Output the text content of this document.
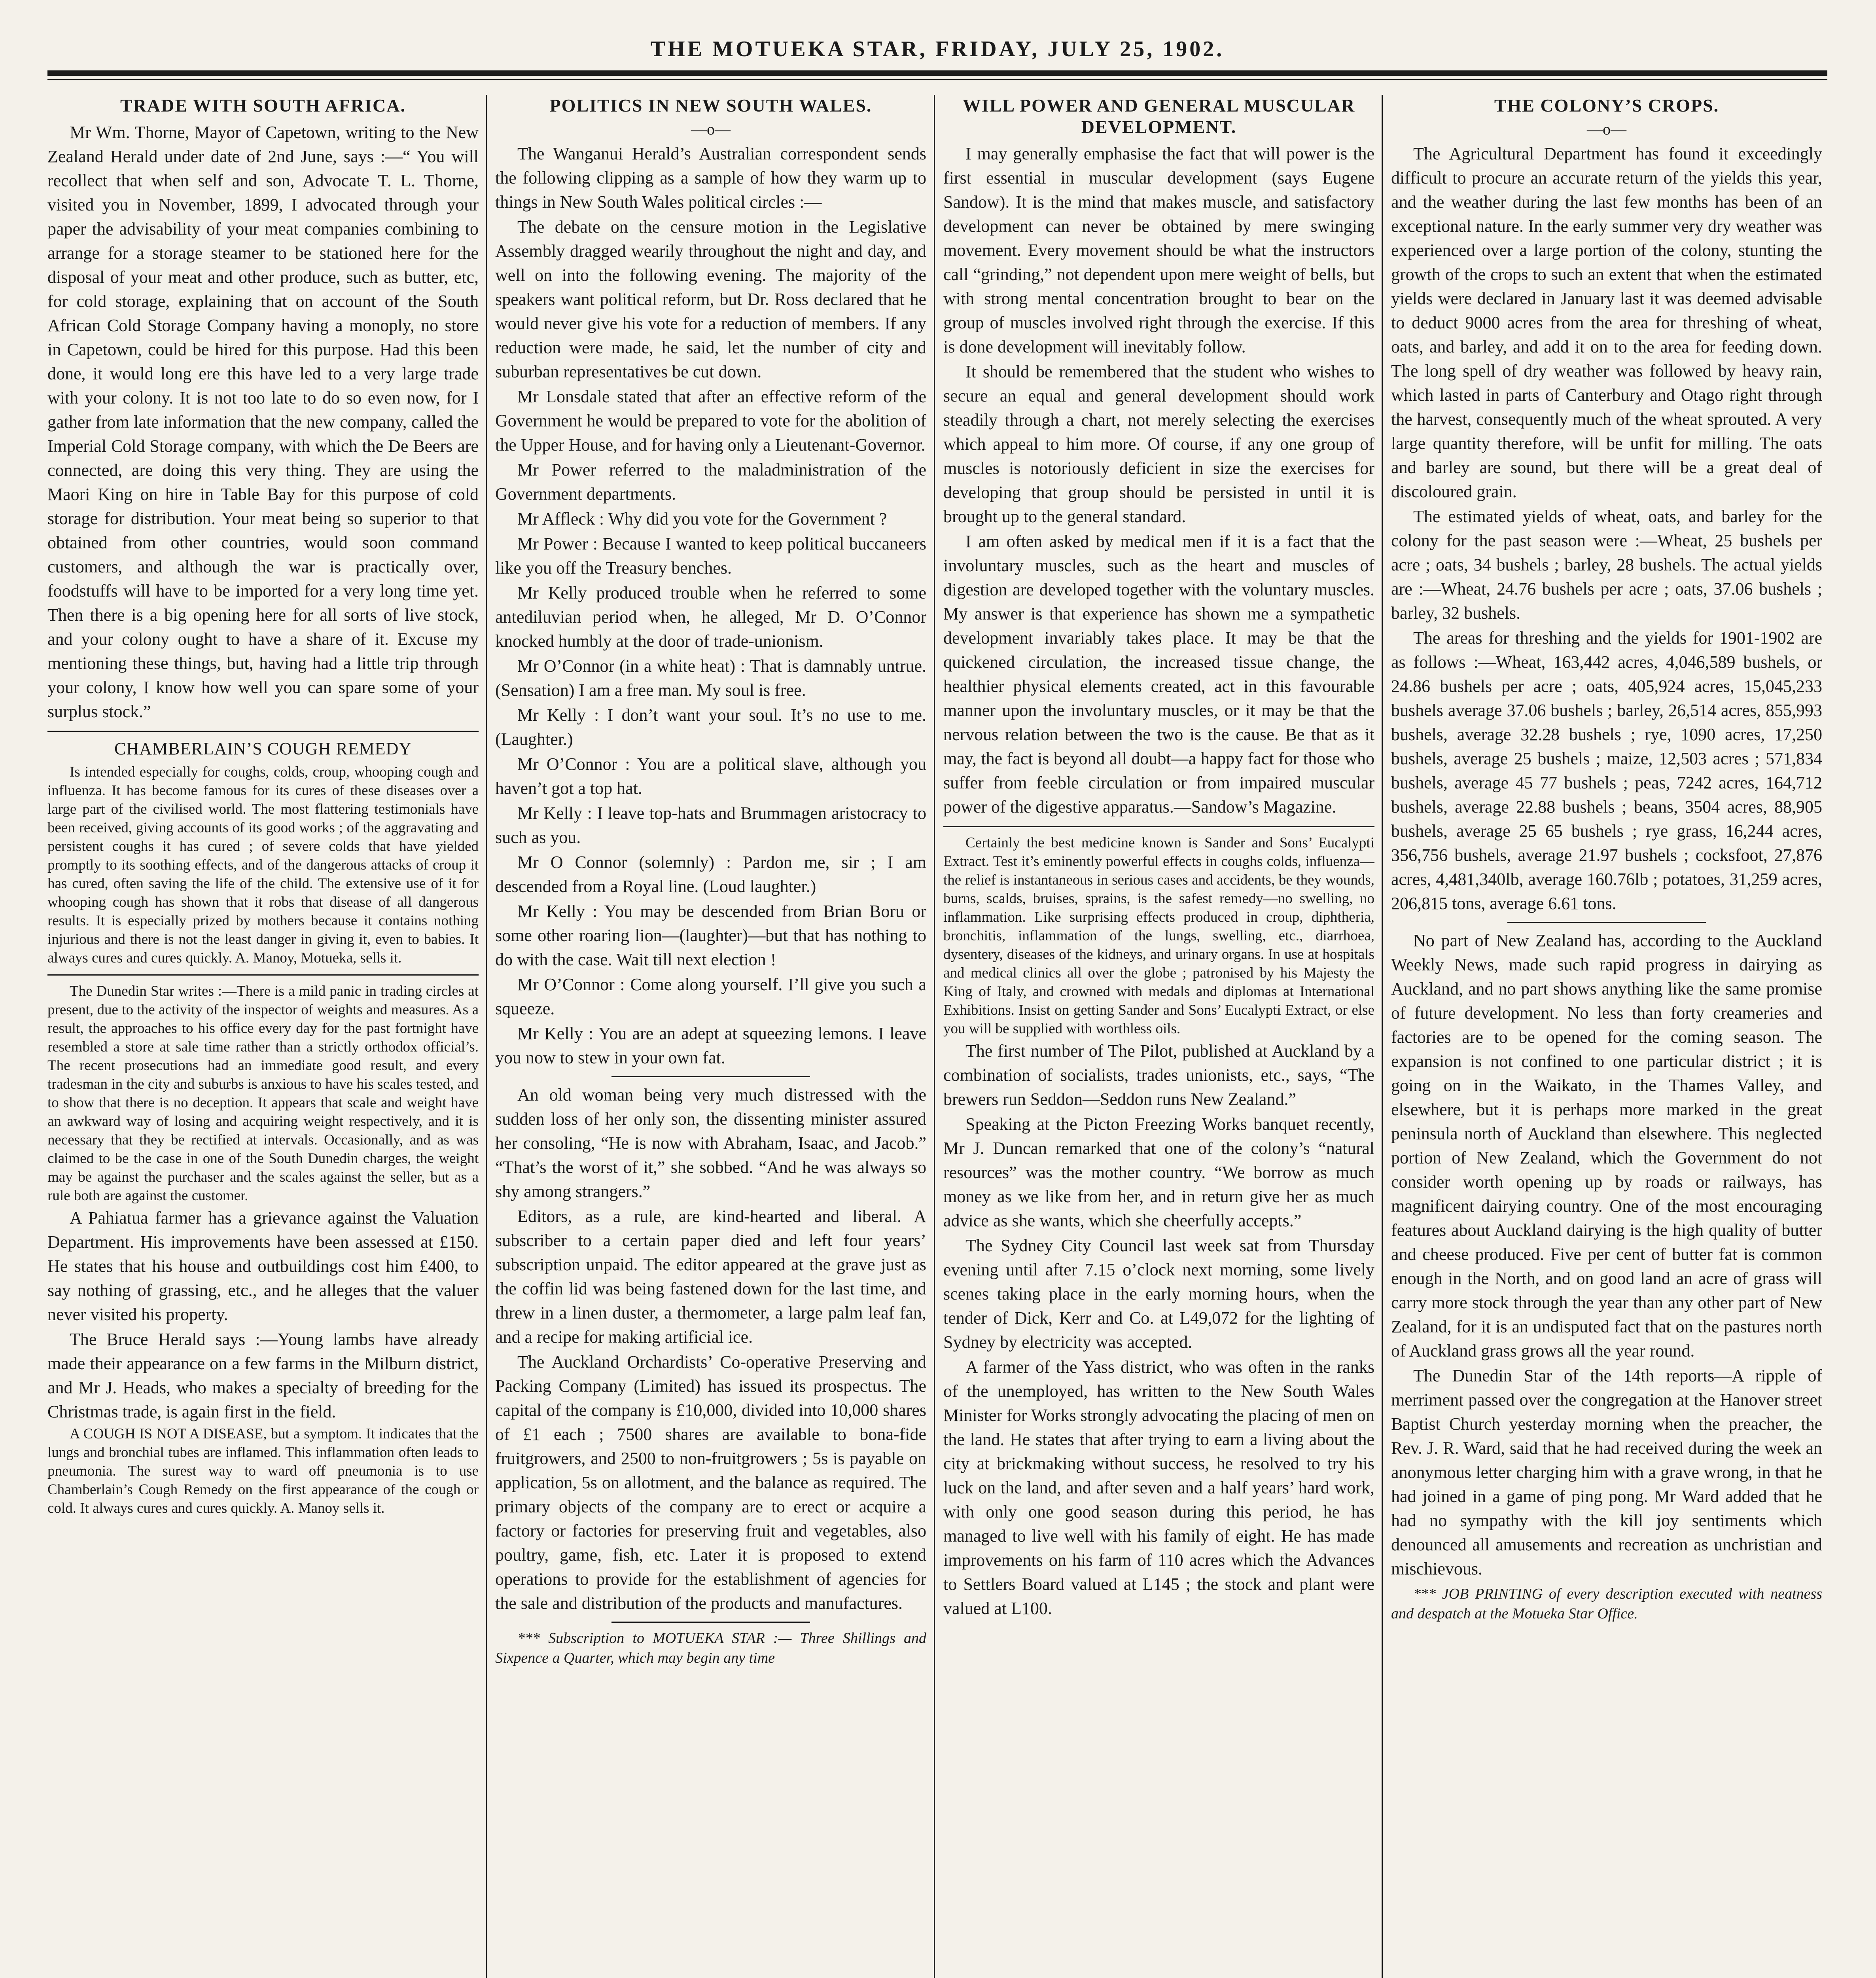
THE MOTUEKA STAR, FRIDAY, JULY 25, 1902.
TRADE WITH SOUTH AFRICA.

Mr Wm. Thorne, Mayor of Capetown, writing to the New Zealand Herald under date of 2nd June, says :—“ You will recollect that when self and son, Advocate T. L. Thorne, visited you in November, 1899, I advocated through your paper the advisability of your meat companies combining to arrange for a storage steamer to be stationed here for the disposal of your meat and other produce, such as butter, etc, for cold storage, explaining that on account of the South African Cold Storage Company having a monoply, no store in Capetown, could be hired for this purpose. Had this been done, it would long ere this have led to a very large trade with your colony. It is not too late to do so even now, for I gather from late information that the new company, called the Imperial Cold Storage company, with which the De Beers are connected, are doing this very thing. They are using the Maori King on hire in Table Bay for this purpose of cold storage for distribution. Your meat being so superior to that obtained from other countries, would soon command customers, and although the war is practically over, foodstuffs will have to be imported for a very long time yet. Then there is a big opening here for all sorts of live stock, and your colony ought to have a share of it. Excuse my mentioning these things, but, having had a little trip through your colony, I know how well you can spare some of your surplus stock.”

CHAMBERLAIN’S COUGH REMEDY

Is intended especially for coughs, colds, croup, whooping cough and influenza. It has become famous for its cures of these diseases over a large part of the civilised world. The most flattering testimonials have been received, giving accounts of its good works ; of the aggravating and persistent coughs it has cured ; of severe colds that have yielded promptly to its soothing effects, and of the dangerous attacks of croup it has cured, often saving the life of the child. The extensive use of it for whooping cough has shown that it robs that disease of all dangerous results. It is especially prized by mothers because it contains nothing injurious and there is not the least danger in giving it, even to babies. It always cures and cures quickly. A. Manoy, Motueka, sells it.

The Dunedin Star writes :—There is a mild panic in trading circles at present, due to the activity of the inspector of weights and measures. As a result, the approaches to his office every day for the past fortnight have resembled a store at sale time rather than a strictly orthodox official’s. The recent prosecutions had an immediate good result, and every tradesman in the city and suburbs is anxious to have his scales tested, and to show that there is no deception. It appears that scale and weight have an awkward way of losing and acquiring weight respectively, and it is necessary that they be rectified at intervals. Occasionally, and as was claimed to be the case in one of the South Dunedin charges, the weight may be against the purchaser and the scales against the seller, but as a rule both are against the customer.

A Pahiatua farmer has a grievance against the Valuation Department. His improvements have been assessed at £150. He states that his house and outbuildings cost him £400, to say nothing of grassing, etc., and he alleges that the valuer never visited his property.

The Bruce Herald says :—Young lambs have already made their appearance on a few farms in the Milburn district, and Mr J. Heads, who makes a specialty of breeding for the Christmas trade, is again first in the field.

A COUGH IS NOT A DISEASE, but a symptom. It indicates that the lungs and bronchial tubes are inflamed. This inflammation often leads to pneumonia. The surest way to ward off pneumonia is to use Chamberlain’s Cough Remedy on the first appearance of the cough or cold. It always cures and cures quickly. A. Manoy sells it.

POLITICS IN NEW SOUTH WALES.
—o—

The Wanganui Herald’s Australian correspondent sends the following clipping as a sample of how they warm up to things in New South Wales political circles :—

The debate on the censure motion in the Legislative Assembly dragged wearily throughout the night and day, and well on into the following evening. The majority of the speakers want political reform, but Dr. Ross declared that he would never give his vote for a reduction of members. If any reduction were made, he said, let the number of city and suburban representatives be cut down.

Mr Lonsdale stated that after an effective reform of the Government he would be prepared to vote for the abolition of the Upper House, and for having only a Lieutenant-Governor.

Mr Power referred to the maladministration of the Government departments.

Mr Affleck : Why did you vote for the Government ?

Mr Power : Because I wanted to keep political buccaneers like you off the Treasury benches.

Mr Kelly produced trouble when he referred to some antediluvian period when, he alleged, Mr D. O’Connor knocked humbly at the door of trade-unionism.

Mr O’Connor (in a white heat) : That is damnably untrue. (Sensation) I am a free man. My soul is free.

Mr Kelly : I don’t want your soul. It’s no use to me. (Laughter.)

Mr O’Connor : You are a political slave, although you haven’t got a top hat.

Mr Kelly : I leave top-hats and Brummagen aristocracy to such as you.

Mr O Connor (solemnly) : Pardon me, sir ; I am descended from a Royal line. (Loud laughter.)

Mr Kelly : You may be descended from Brian Boru or some other roaring lion—(laughter)—but that has nothing to do with the case. Wait till next election !

Mr O’Connor : Come along yourself. I’ll give you such a squeeze.

Mr Kelly : You are an adept at squeezing lemons. I leave you now to stew in your own fat.

An old woman being very much distressed with the sudden loss of her only son, the dissenting minister assured her consoling, “He is now with Abraham, Isaac, and Jacob.” “That’s the worst of it,” she sobbed. “And he was always so shy among strangers.”

Editors, as a rule, are kind-hearted and liberal. A subscriber to a certain paper died and left four years’ subscription unpaid. The editor appeared at the grave just as the coffin lid was being fastened down for the last time, and threw in a linen duster, a thermometer, a large palm leaf fan, and a recipe for making artificial ice.

The Auckland Orchardists’ Co-operative Preserving and Packing Company (Limited) has issued its prospectus. The capital of the company is £10,000, divided into 10,000 shares of £1 each ; 7500 shares are available to bona-fide fruitgrowers, and 2500 to non-fruitgrowers ; 5s is payable on application, 5s on allotment, and the balance as required. The primary objects of the company are to erect or acquire a factory or factories for preserving fruit and vegetables, also poultry, game, fish, etc. Later it is proposed to extend operations to provide for the establishment of agencies for the sale and distribution of the products and manufactures.

*** Subscription to MOTUEKA STAR :— Three Shillings and Sixpence a Quarter, which may begin any time

WILL POWER AND GENERAL MUSCULAR DEVELOPMENT.

I may generally emphasise the fact that will power is the first essential in muscular development (says Eugene Sandow). It is the mind that makes muscle, and satisfactory development can never be obtained by mere swinging movement. Every movement should be what the instructors call “grinding,” not dependent upon mere weight of bells, but with strong mental concentration brought to bear on the group of muscles involved right through the exercise. If this is done development will inevitably follow.

It should be remembered that the student who wishes to secure an equal and general development should work steadily through a chart, not merely selecting the exercises which appeal to him more. Of course, if any one group of muscles is notoriously deficient in size the exercises for developing that group should be persisted in until it is brought up to the general standard.

I am often asked by medical men if it is a fact that the involuntary muscles, such as the heart and muscles of digestion are developed together with the voluntary muscles. My answer is that experience has shown me a sympathetic development invariably takes place. It may be that the quickened circulation, the increased tissue change, the healthier physical elements created, act in this favourable manner upon the involuntary muscles, or it may be that the nervous relation between the two is the cause. Be that as it may, the fact is beyond all doubt—a happy fact for those who suffer from feeble circulation or from impaired muscular power of the digestive apparatus.—Sandow’s Magazine.

Certainly the best medicine known is Sander and Sons’ Eucalypti Extract. Test it’s eminently powerful effects in coughs colds, influenza—the relief is instantaneous in serious cases and accidents, be they wounds, burns, scalds, bruises, sprains, is the safest remedy—no swelling, no inflammation. Like surprising effects produced in croup, diphtheria, bronchitis, inflammation of the lungs, swelling, etc., diarrhoea, dysentery, diseases of the kidneys, and urinary organs. In use at hospitals and medical clinics all over the globe ; patronised by his Majesty the King of Italy, and crowned with medals and diplomas at International Exhibitions. Insist on getting Sander and Sons’ Eucalypti Extract, or else you will be supplied with worthless oils.

The first number of The Pilot, published at Auckland by a combination of socialists, trades unionists, etc., says, “The brewers run Seddon—Seddon runs New Zealand.”

Speaking at the Picton Freezing Works banquet recently, Mr J. Duncan remarked that one of the colony’s “natural resources” was the mother country. “We borrow as much money as we like from her, and in return give her as much advice as she wants, which she cheerfully accepts.”

The Sydney City Council last week sat from Thursday evening until after 7.15 o’clock next morning, some lively scenes taking place in the early morning hours, when the tender of Dick, Kerr and Co. at L49,072 for the lighting of Sydney by electricity was accepted.

A farmer of the Yass district, who was often in the ranks of the unemployed, has written to the New South Wales Minister for Works strongly advocating the placing of men on the land. He states that after trying to earn a living about the city at brickmaking without success, he resolved to try his luck on the land, and after seven and a half years’ hard work, with only one good season during this period, he has managed to live well with his family of eight. He has made improvements on his farm of 110 acres which the Advances to Settlers Board valued at L145 ; the stock and plant were valued at L100.

THE COLONY’S CROPS.
—o—

The Agricultural Department has found it exceedingly difficult to procure an accurate return of the yields this year, and the weather during the last few months has been of an exceptional nature. In the early summer very dry weather was experienced over a large portion of the colony, stunting the growth of the crops to such an extent that when the estimated yields were declared in January last it was deemed advisable to deduct 9000 acres from the area for threshing of wheat, oats, and barley, and add it on to the area for feeding down. The long spell of dry weather was followed by heavy rain, which lasted in parts of Canterbury and Otago right through the harvest, consequently much of the wheat sprouted. A very large quantity therefore, will be unfit for milling. The oats and barley are sound, but there will be a great deal of discoloured grain.

The estimated yields of wheat, oats, and barley for the colony for the past season were :—Wheat, 25 bushels per acre ; oats, 34 bushels ; barley, 28 bushels. The actual yields are :—Wheat, 24.76 bushels per acre ; oats, 37.06 bushels ; barley, 32 bushels.

The areas for threshing and the yields for 1901-1902 are as follows :—Wheat, 163,442 acres, 4,046,589 bushels, or 24.86 bushels per acre ; oats, 405,924 acres, 15,045,233 bushels average 37.06 bushels ; barley, 26,514 acres, 855,993 bushels, average 32.28 bushels ; rye, 1090 acres, 17,250 bushels, average 25 bushels ; maize, 12,503 acres ; 571,834 bushels, average 45 77 bushels ; peas, 7242 acres, 164,712 bushels, average 22.88 bushels ; beans, 3504 acres, 88,905 bushels, average 25 65 bushels ; rye grass, 16,244 acres, 356,756 bushels, average 21.97 bushels ; cocksfoot, 27,876 acres, 4,481,340lb, average 160.76lb ; potatoes, 31,259 acres, 206,815 tons, average 6.61 tons.

No part of New Zealand has, according to the Auckland Weekly News, made such rapid progress in dairying as Auckland, and no part shows anything like the same promise of future development. No less than forty creameries and factories are to be opened for the coming season. The expansion is not confined to one particular district ; it is going on in the Waikato, in the Thames Valley, and elsewhere, but it is perhaps more marked in the great peninsula north of Auckland than elsewhere. This neglected portion of New Zealand, which the Government do not consider worth opening up by roads or railways, has magnificent dairying country. One of the most encouraging features about Auckland dairying is the high quality of butter and cheese produced. Five per cent of butter fat is common enough in the North, and on good land an acre of grass will carry more stock through the year than any other part of New Zealand, for it is an undisputed fact that on the pastures north of Auckland grass grows all the year round.

The Dunedin Star of the 14th reports—A ripple of merriment passed over the congregation at the Hanover street Baptist Church yesterday morning when the preacher, the Rev. J. R. Ward, said that he had received during the week an anonymous letter charging him with a grave wrong, in that he had joined in a game of ping pong. Mr Ward added that he had no sympathy with the kill joy sentiments which denounced all amusements and recreation as unchristian and mischievous.

*** JOB PRINTING of every description executed with neatness and despatch at the Motueka Star Office.
